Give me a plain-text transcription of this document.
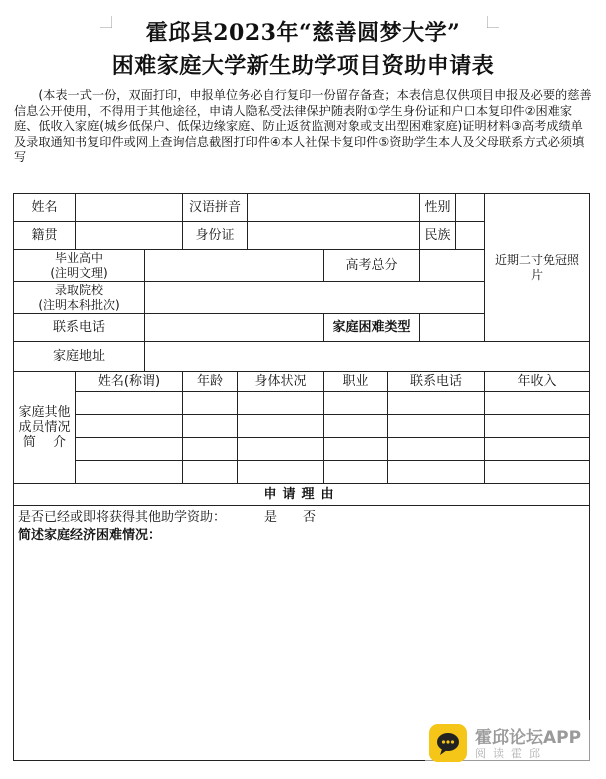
霍邱县2023年“慈善圆梦大学”
困难家庭大学新生助学项目资助申请表
(本表一式一份，双面打印，申报单位务必自行复印一份留存备查；本表信息仅供项目申报及必要的慈善信息公开使用，不得用于其他途径，申请人隐私受法律保护随表附①学生身份证和户口本复印件②困难家庭、低收入家庭(城乡低保户、低保边缘家庭、防止返贫监测对象或支出型困难家庭)证明材料③高考成绩单及录取通知书复印件或网上查询信息截图打印件④本人社保卡复印件⑤资助学生本人及父母联系方式必须填写
姓名			汉语拼音					性别		近期二寸免冠照片
籍贯			身份证					民族		

毕业高中
(注明文理)						高考总分				

录取院校
(注明本科批次)										

联系电话						家庭困难类型				
家庭地址										

家庭其他
成员情况
简　 介	姓名(称谓)		年龄	身体状况		职业	联系电话			年收入

申请理由										

是否已经或即将获得其他助学资助： 是 否
简述家庭经济困难情况：										
霍邱论坛APP
阅读霍邱
